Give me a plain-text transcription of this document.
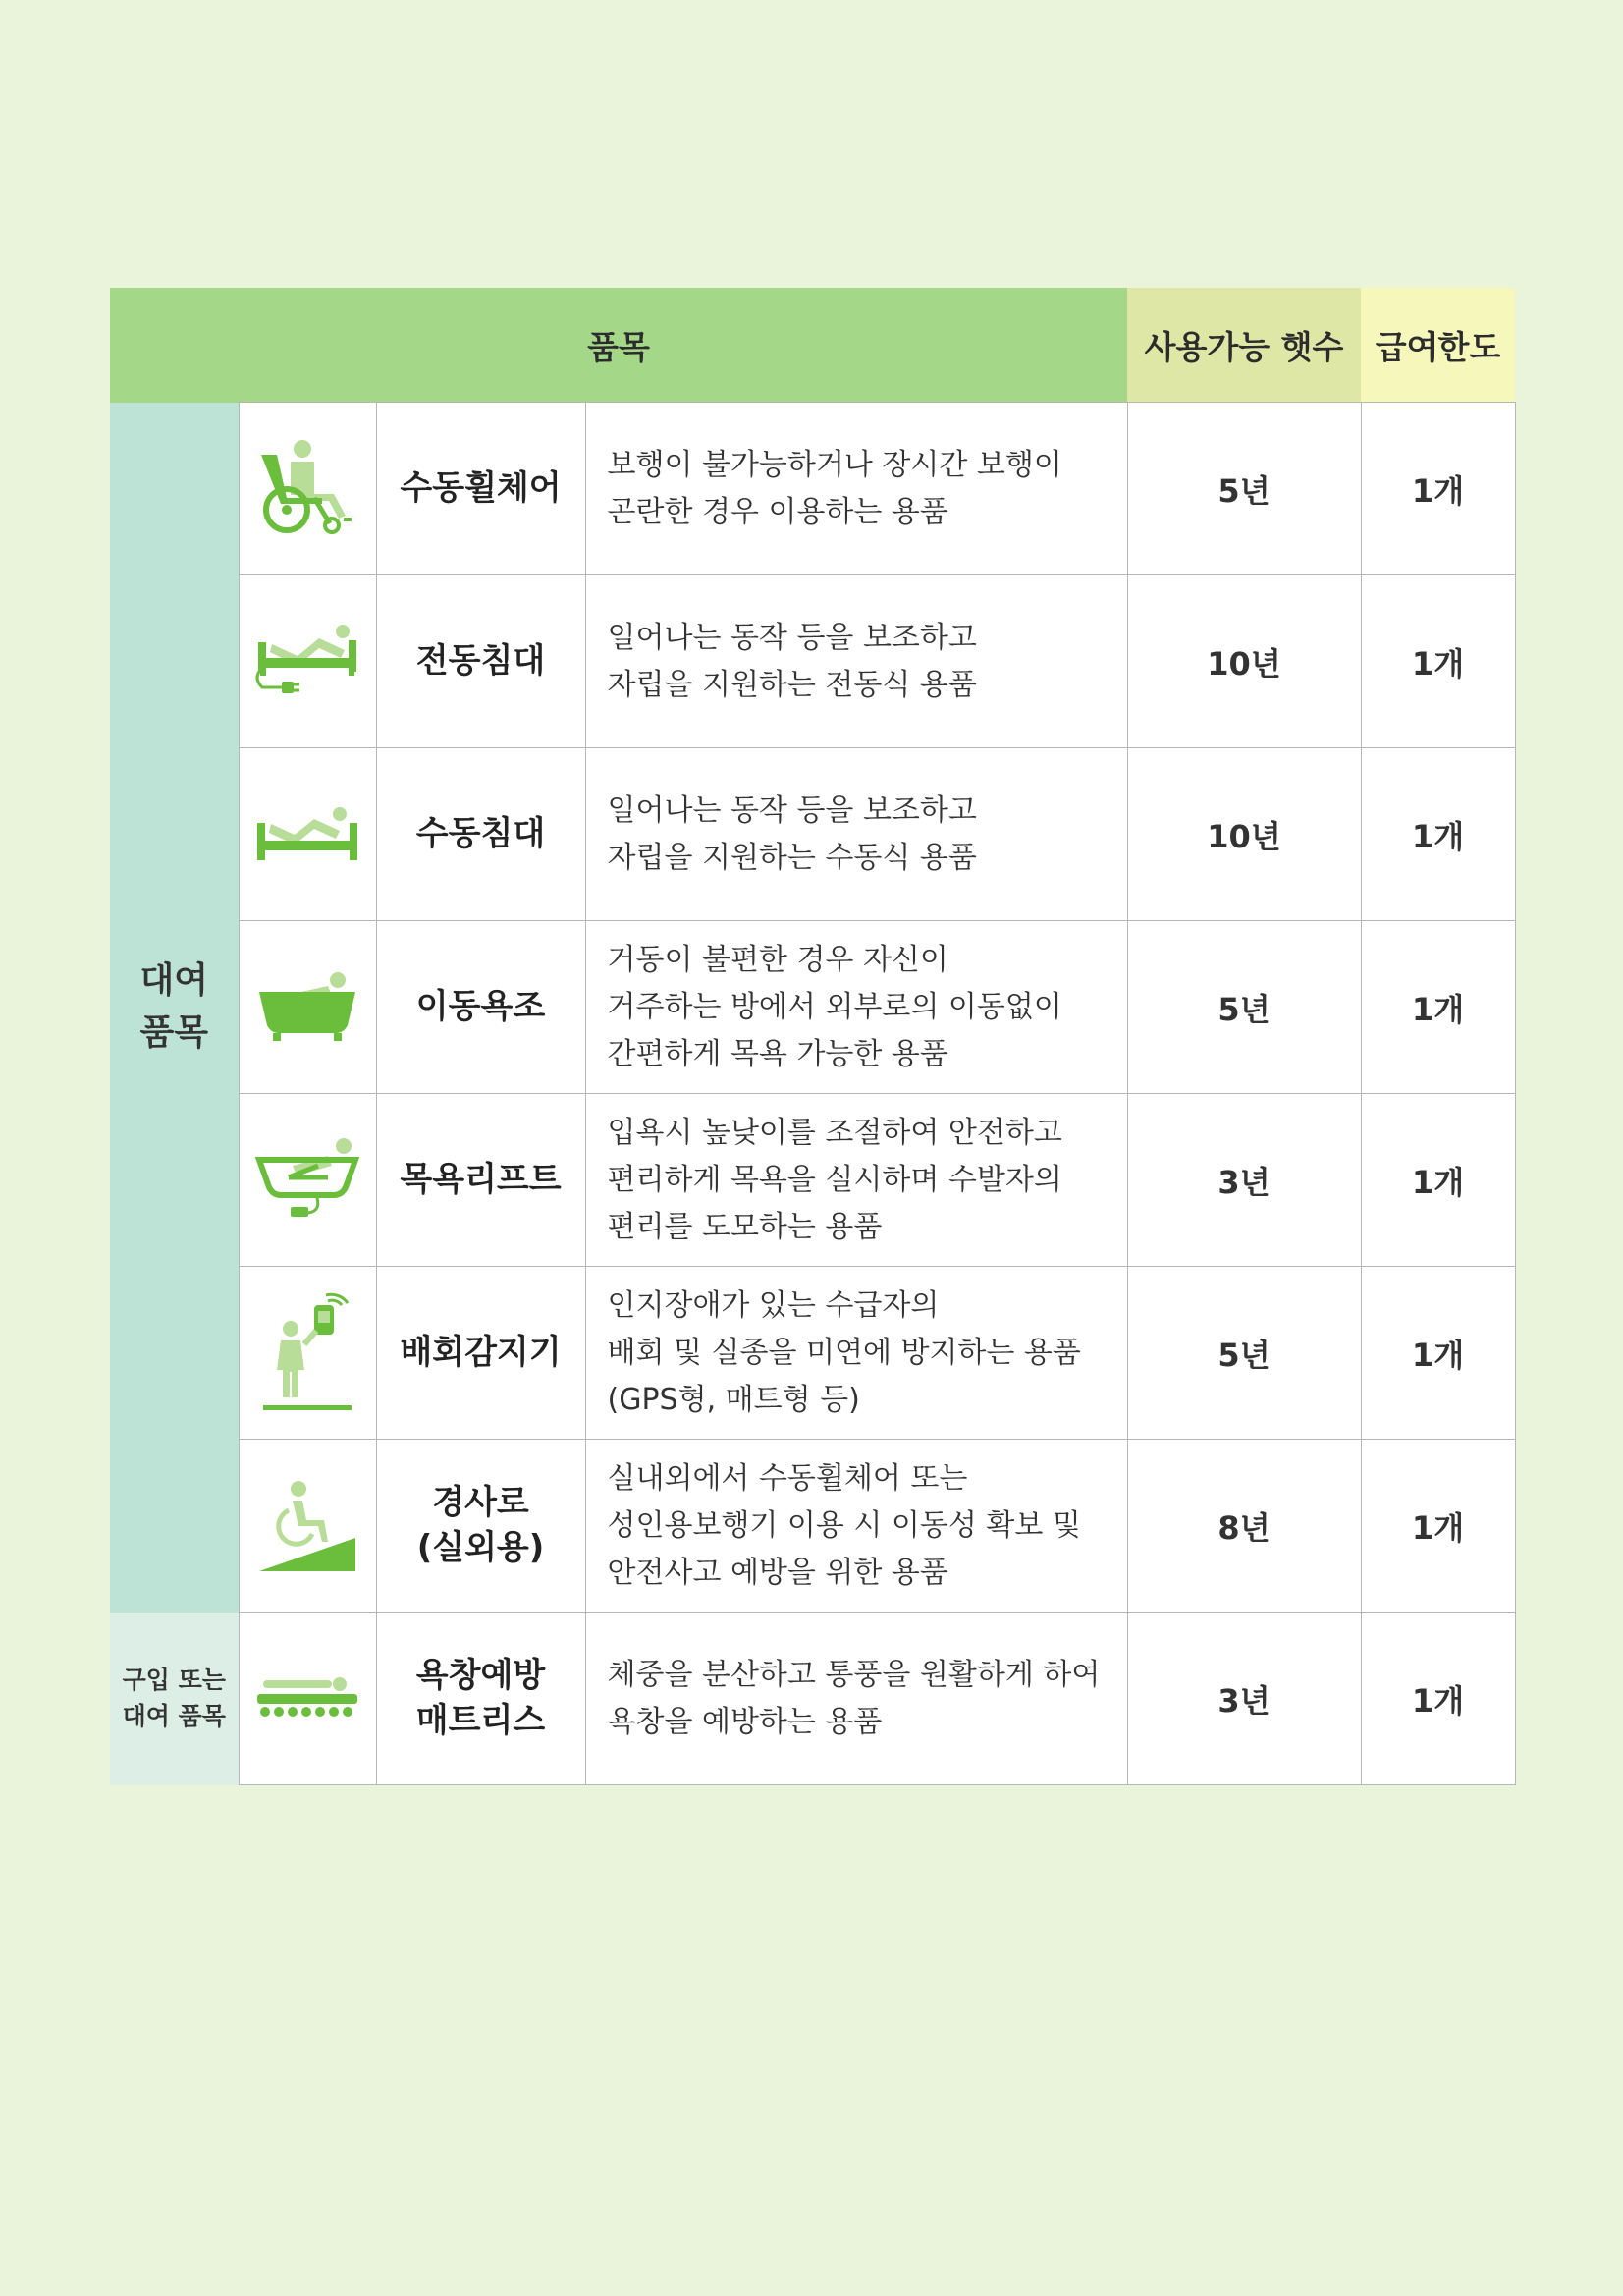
품목				사용가능 햇수	급여한도
대여
품목		수동휠체어	보행이 불가능하거나 장시간 보행이
곤란한 경우 이용하는 용품	5년	1개

	전동침대	일어나는 동작 등을 보조하고
자립을 지원하는 전동식 용품	10년	1개

	수동침대	일어나는 동작 등을 보조하고
자립을 지원하는 수동식 용품	10년	1개

	이동욕조	거동이 불편한 경우 자신이
거주하는 방에서 외부로의 이동없이
간편하게 목욕 가능한 용품	5년	1개

	목욕리프트	입욕시 높낮이를 조절하여 안전하고
편리하게 목욕을 실시하며 수발자의
편리를 도모하는 용품	3년	1개

	배회감지기	인지장애가 있는 수급자의
배회 및 실종을 미연에 방지하는 용품
(GPS형, 매트형 등)	5년	1개

	경사로
(실외용)	실내외에서 수동휠체어 또는
성인용보행기 이용 시 이동성 확보 및
안전사고 예방을 위한 용품	8년	1개
구입 또는
대여 품목		욕창예방
매트리스	체중을 분산하고 통풍을 원활하게 하여
욕창을 예방하는 용품	3년	1개
